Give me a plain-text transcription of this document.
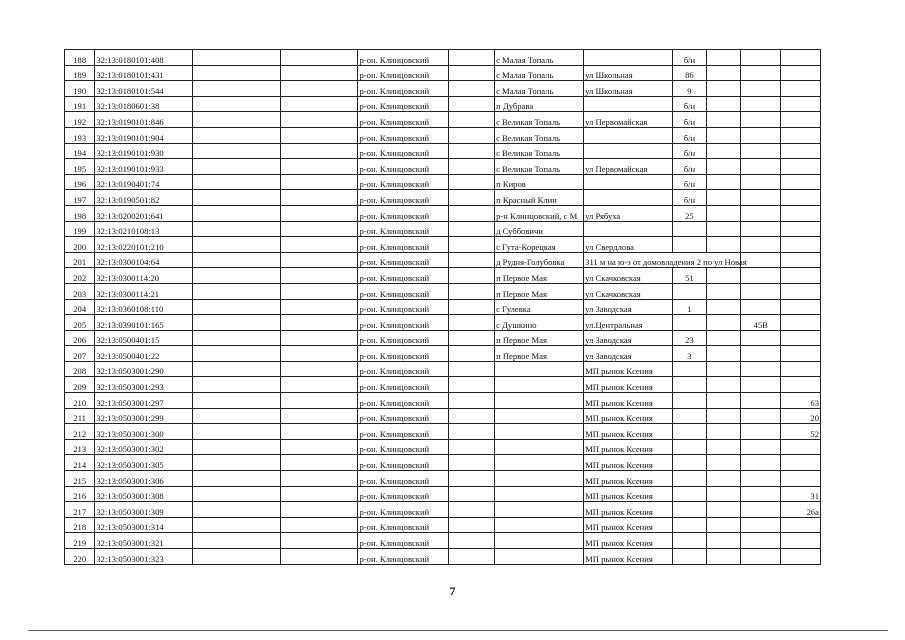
188	32:13:0180101:408			р-он. Клинцовский		с Малая Топаль		б/н			
189	32:13:0180101:431			р-он. Клинцовский		с Малая Топаль	ул Школьная	86			
190	32:13:0180101:544			р-он. Клинцовский		с Малая Топаль	ул Школьная	9			
191	32:13:0180601:38			р-он. Клинцовский		п Дубрава		б/н			
192	32:13:0190101:846			р-он. Клинцовский		с Великая Топаль	ул Первомайская	б/н			
193	32:13:0190101:904			р-он. Клинцовский		с Великая Топаль		б/н			
194	32:13:0190101:930			р-он. Клинцовский		с Великая Топаль		б/н			
195	32:13:0190101:933			р-он. Клинцовский		с Великая Топаль	ул Первомайская	б/н			
196	32:13:0190401:74			р-он. Клинцовский		п Киров		б/н			
197	32:13:0190501:82			р-он. Клинцовский		п Красный Клин		б/н			
198	32:13:0200201:641			р-он. Клинцовский		р-н Клинцовский, с М	ул Рябуха	25			
199	32:13:0210108:13			р-он. Клинцовский		д Суббовичи					
200	32:13:0220101:210			р-он. Клинцовский		с Гута-Корецкая	ул Свердлова				
201	32:13:0300104:64			р-он. Клинцовский		д Рудня-Голубовка	311 м на ю-з от домовладения 2 по ул Новая				
202	32:13:0300114:20			р-он. Клинцовский		п Первое Мая	ул Скачковская	51			
203	32:13:0300114:21			р-он. Клинцовский		п Первое Мая	ул Скачковская				
204	32:13:0360108:110			р-он. Клинцовский		с Гулевка	ул Заводская	1			
205	32:13:0390101:165			р-он. Клинцовский		с Душкино	ул.Центральная			45В	
206	32:13:0500401:15			р-он. Клинцовский		п Первое Мая	ул Заводская	23			
207	32:13:0500401:22			р-он. Клинцовский		п Первое Мая	ул Заводская	3			
208	32:13:0503001:290			р-он. Клинцовский			МП рынок Ксения				
209	32:13:0503001:293			р-он. Клинцовский			МП рынок Ксения				
210	32:13:0503001:297			р-он. Клинцовский			МП рынок Ксения				63
211	32:13:0503001:299			р-он. Клинцовский			МП рынок Ксения				20
212	32:13:0503001:300			р-он. Клинцовский			МП рынок Ксения				52
213	32:13:0503001:302			р-он. Клинцовский			МП рынок Ксения				
214	32:13:0503001:305			р-он. Клинцовский			МП рынок Ксения				
215	32:13:0503001:306			р-он. Клинцовский			МП рынок Ксения				
216	32:13:0503001:308			р-он. Клинцовский			МП рынок Ксения				31
217	32:13:0503001:309			р-он. Клинцовский			МП рынок Ксения				26а
218	32:13:0503001:314			р-он. Клинцовский			МП рынок Ксения				
219	32:13:0503001:321			р-он. Клинцовский			МП рынок Ксения				
220	32:13:0503001:323			р-он. Клинцовский			МП рынок Ксения				
7
